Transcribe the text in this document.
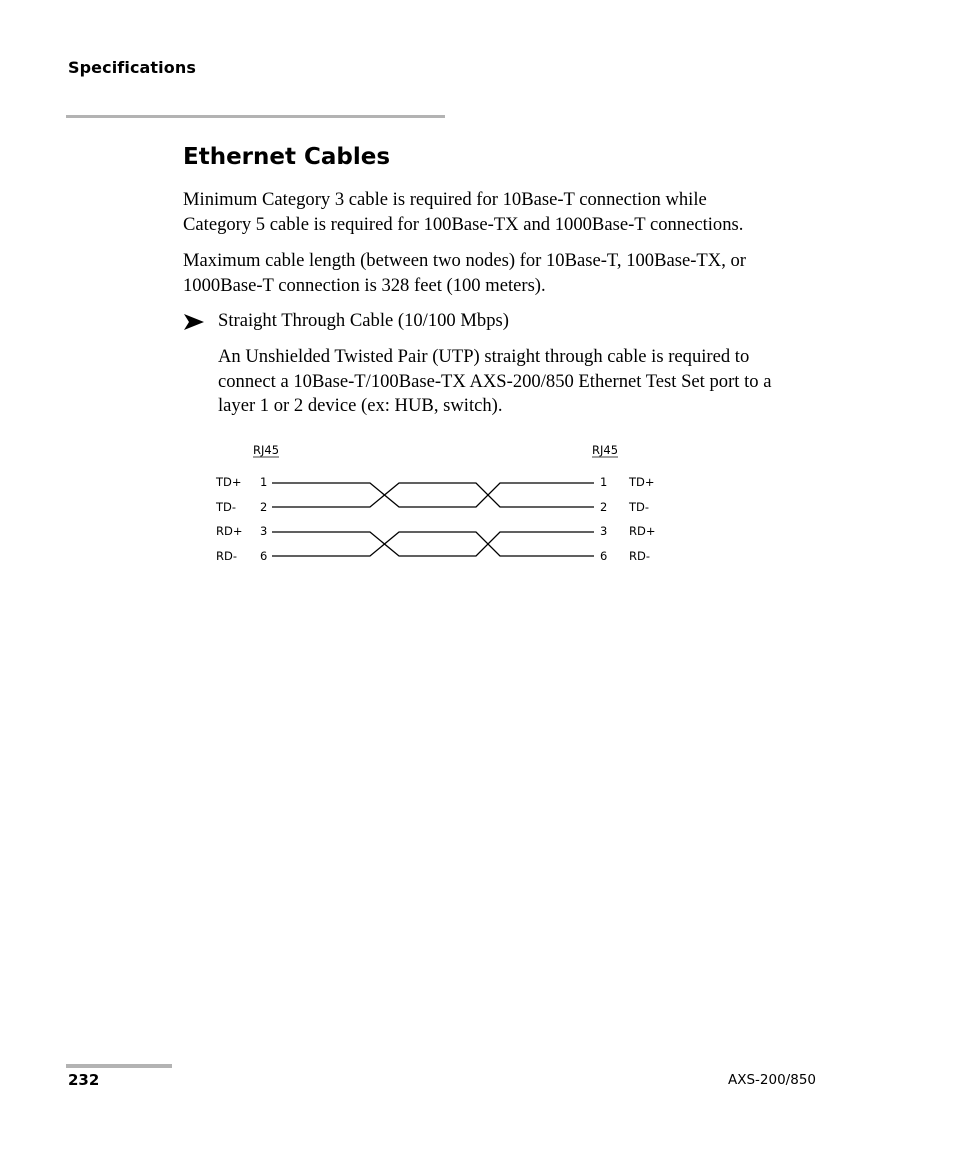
Specifications
Ethernet Cables

Minimum Category 3 cable is required for 10Base-T connection while
Category 5 cable is required for 100Base-TX and 1000Base-T connections.

Maximum cable length (between two nodes) for 10Base-T, 100Base-TX, or
1000Base-T connection is 328 feet (100 meters).

Straight Through Cable (10/100 Mbps)

An Unshielded Twisted Pair (UTP) straight through cable is required to
connect a 10Base-T/100Base-TX AXS-200/850 Ethernet Test Set port to a
layer 1 or 2 device (ex: HUB, switch).

RJ45	RJ45
TD+
TD-
RD+
RD-
1
2
3
6
1
2
3
6
TD+
TD-
RD+
RD-
232	AXS-200/850
